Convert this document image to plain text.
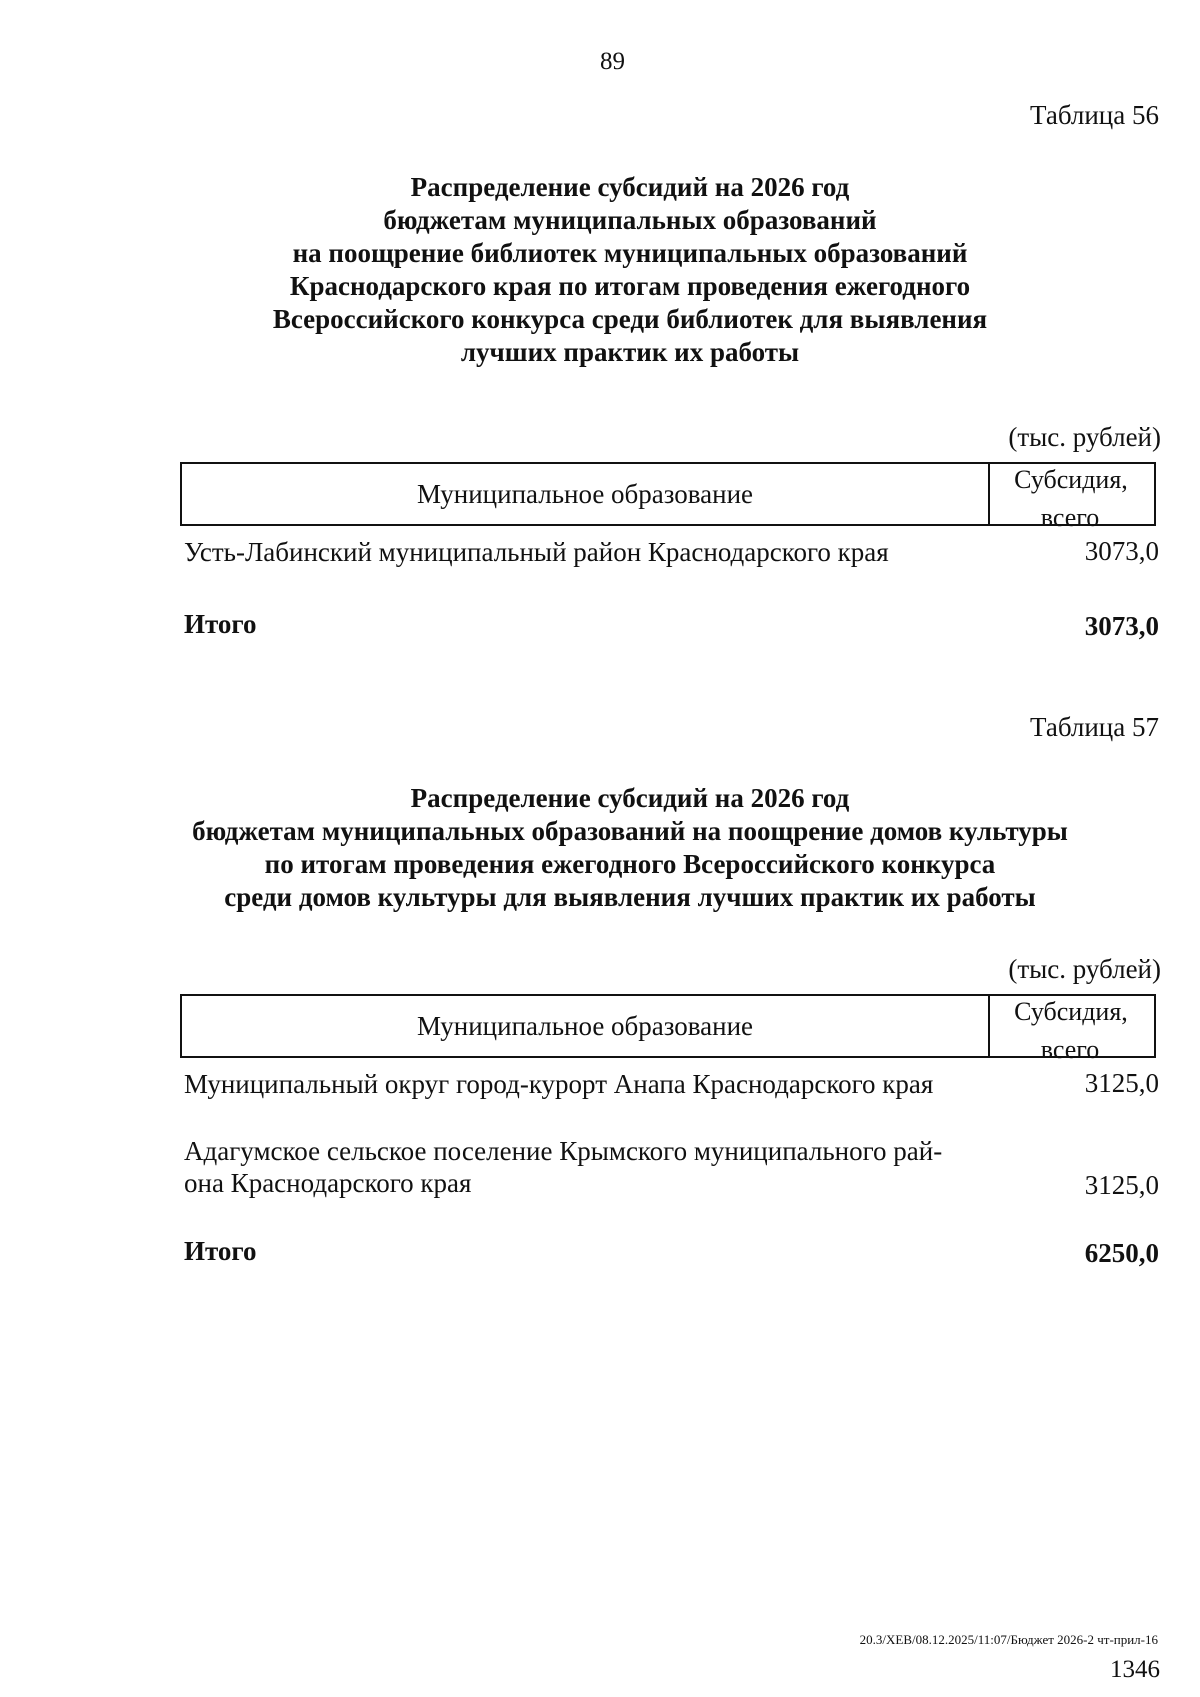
89
Таблица 56
Распределение субсидий на 2026 год
бюджетам муниципальных образований
на поощрение библиотек муниципальных образований
Краснодарского края по итогам проведения ежегодного
Всероссийского конкурса среди библиотек для выявления
лучших практик их работы
(тыс. рублей)
Муниципальное образование	Субсидия,
всего
Усть-Лабинский муниципальный район Краснодарского края	3073,0
Итого	3073,0
Таблица 57
Распределение субсидий на 2026 год
бюджетам муниципальных образований на поощрение домов культуры
по итогам проведения ежегодного Всероссийского конкурса
среди домов культуры для выявления лучших практик их работы
(тыс. рублей)
Муниципальное образование	Субсидия,
всего
Муниципальный округ город-курорт Анапа Краснодарского края	3125,0
Адагумское сельское поселение Крымского муниципального рай-
она Краснодарского края	3125,0
Итого	6250,0
20.3/ХЕВ/08.12.2025/11:07/Бюджет 2026-2 чт-прил-16
1346
